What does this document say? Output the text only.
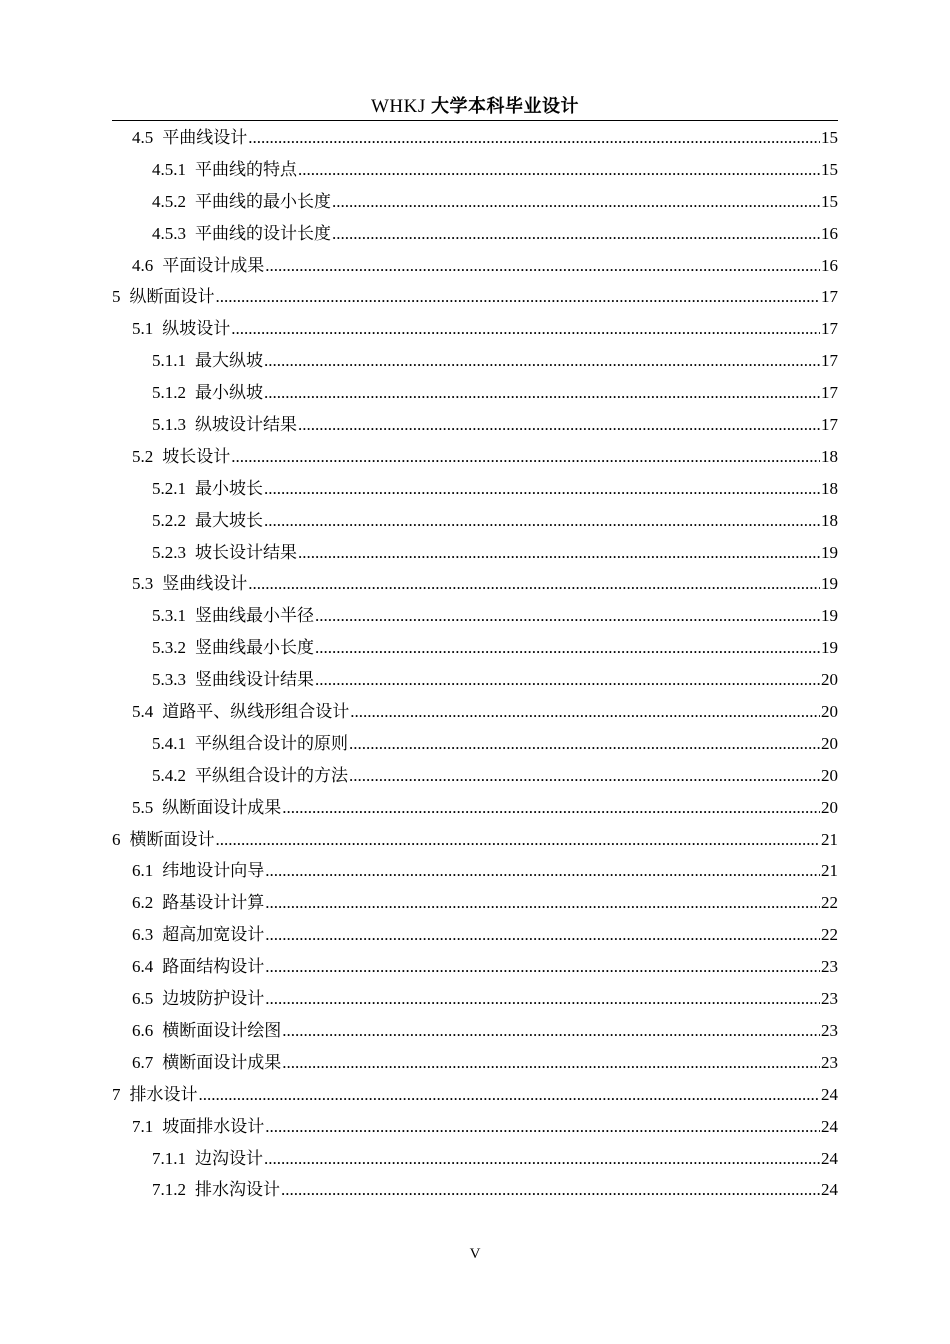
WHKJ 大学本科毕业设计
4.5 平曲线设计 .....	15
4.5.1 平曲线的特点 .....	15
4.5.2 平曲线的最小长度 .....	15
4.5.3 平曲线的设计长度 .....	16
4.6 平面设计成果 .....	16
5 纵断面设计 .....	17
5.1 纵坡设计 .....	17
5.1.1 最大纵坡 .....	17
5.1.2 最小纵坡 .....	17
5.1.3 纵坡设计结果 .....	17
5.2 坡长设计 .....	18
5.2.1 最小坡长 .....	18
5.2.2 最大坡长 .....	18
5.2.3 坡长设计结果 .....	19
5.3 竖曲线设计 .....	19
5.3.1 竖曲线最小半径 .....	19
5.3.2 竖曲线最小长度 .....	19
5.3.3 竖曲线设计结果 .....	20
5.4 道路平、纵线形组合设计 .....	20
5.4.1 平纵组合设计的原则 .....	20
5.4.2 平纵组合设计的方法 .....	20
5.5 纵断面设计成果 .....	20
6 横断面设计 .....	21
6.1 纬地设计向导 .....	21
6.2 路基设计计算 .....	22
6.3 超高加宽设计 .....	22
6.4 路面结构设计 .....	23
6.5 边坡防护设计 .....	23
6.6 横断面设计绘图 .....	23
6.7 横断面设计成果 .....	23
7 排水设计 .....	24
7.1 坡面排水设计 .....	24
7.1.1 边沟设计 .....	24
7.1.2 排水沟设计 .....	24
V
